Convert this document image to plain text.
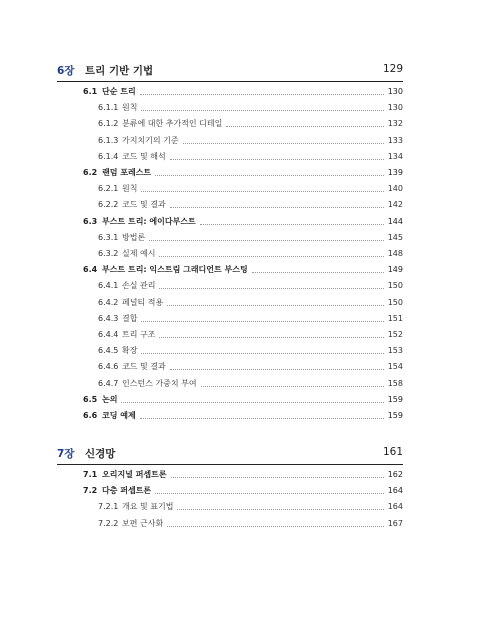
6장 트리 기반 기법	129
6.1 단순 트리	130
6.1.1 원칙	130
6.1.2 분류에 대한 추가적인 디테일	132
6.1.3 가지치기의 기준	133
6.1.4 코드 및 해석	134
6.2 랜덤 포레스트	139
6.2.1 원칙	140
6.2.2 코드 및 결과	142
6.3 부스트 트리: 에이다부스트	144
6.3.1 방법론	145
6.3.2 실제 예시	148
6.4 부스트 트리: 익스트림 그래디언트 부스팅	149
6.4.1 손실 관리	150
6.4.2 페널티 적용	150
6.4.3 결합	151
6.4.4 트리 구조	152
6.4.5 확장	153
6.4.6 코드 및 결과	154
6.4.7 인스턴스 가중치 부여	158
6.5 논의	159
6.6 코딩 예제	159
7장 신경망	161
7.1 오리지널 퍼셉트론	162
7.2 다층 퍼셉트론	164
7.2.1 개요 및 표기법	164
7.2.2 보편 근사화	167
